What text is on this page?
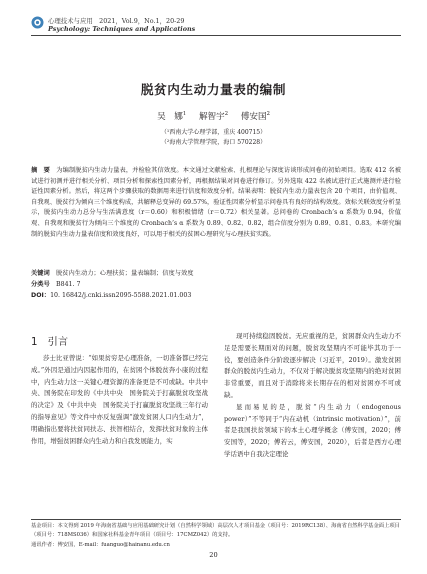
心理技术与应用　2021，Vol.9，No.1，20-29
Psychology: Techniques and Applications
脱贫内生动力量表的编制
吴　娜$^1$ 解智宇$^2$ 傅安国$^2$
（¹西南大学心理学部，重庆 400715）
（²海南大学管理学院，海口 570228）
摘　要　 为编制脱贫内生动力量表，并检验其信效度。本文通过文献检索、扎根理论与深度访谈形成问卷的初始项目。选取 412 名被试进行初测并进行相关分析、项目分析和探索性因素分析，再根据结果对问卷进行修订。另外选取 422 名被试进行正式施测并进行验证性因素分析。然后，将这两个步骤获取的数据用来进行信度和效度分析。结果表明：脱贫内生动力量表包含 20 个项目，由价值观、自我观、脱贫行为倾向三个维度构成，共解释总变异的 69.57%，验证性因素分析显示问卷具有良好的结构效度。效标关联效度分析显示，脱贫内生动力总分与生活满意度（r＝0.60）和积极情绪（r＝0.72）相关显著。总问卷的 Cronbach’s α 系数为 0.94，价值观、自我观和脱贫行为倾向三个维度的 Cronbach’s α 系数为 0.89、0.82、0.82，组合信度分别为 0.89、0.81、0.83。本研究编制的脱贫内生动力量表信度和效度良好，可以用于相关的贫困心理研究与心理扶贫实践。
关键词　 脱贫内生动力；心理扶贫；量表编制；信度与效度
分类号　 B841. 7
DOI：10. 16842/j.cnki.issn2095-5588.2021.01.003
1　 引言

莎士比亚曾说：“如果贫穷是心理准备，一切准备都已经完成。”外因是通过内因起作用的，在贫困个体脱贫奔小康的过程中，内生动力这一关键心理资源的准备更是不可或缺。中共中央、国务院在印发的《中共中央　国务院关于打赢脱贫攻坚战的决定》及《中共中央　国务院关于打赢脱贫攻坚战三年行动的指导意见》等文件中亦反复强调“激发贫困人口内生动力”，明确指出要将扶贫同扶志、扶智相结合，发挥扶贫对象的主体作用，增强贫困群众内生动力和自我发展能力，实

现可持续稳固脱贫。无应重视的是，贫困群众内生动力不足是需要长期面对的问题，脱贫攻坚期内不可能毕其功于一役，要创造条件分阶段逐步解决（习近平，2019）。激发贫困群众的脱贫内生动力，不仅对于解决脱贫攻坚期内的绝对贫困非常重要，而且对于消除将来长期存在的相对贫困亦不可或缺。

显而易见的是，脱贫“内生动力（endogenous power）”不等同于“内在动机（intrinsic motivation）”，前者是我国扶贫领域下的本土心理学概念（傅安国，2020；傅安国等，2020；傅若云，傅安国，2020），后者是西方心理学话语中自我决定理论

基金项目：本文得到 2019 年海南省基础与应用基础研究计划（自然科学领域）高层次人才项目基金（项目号：2019RC138）、海南省自然科学基金面上项目（项目号：718MS036）和国家社科基金青年项目（项目号：17CMZ042）的支持。
通讯作者：傅安国，E-mail：fuanguo@hainanu.edu.cn
20
